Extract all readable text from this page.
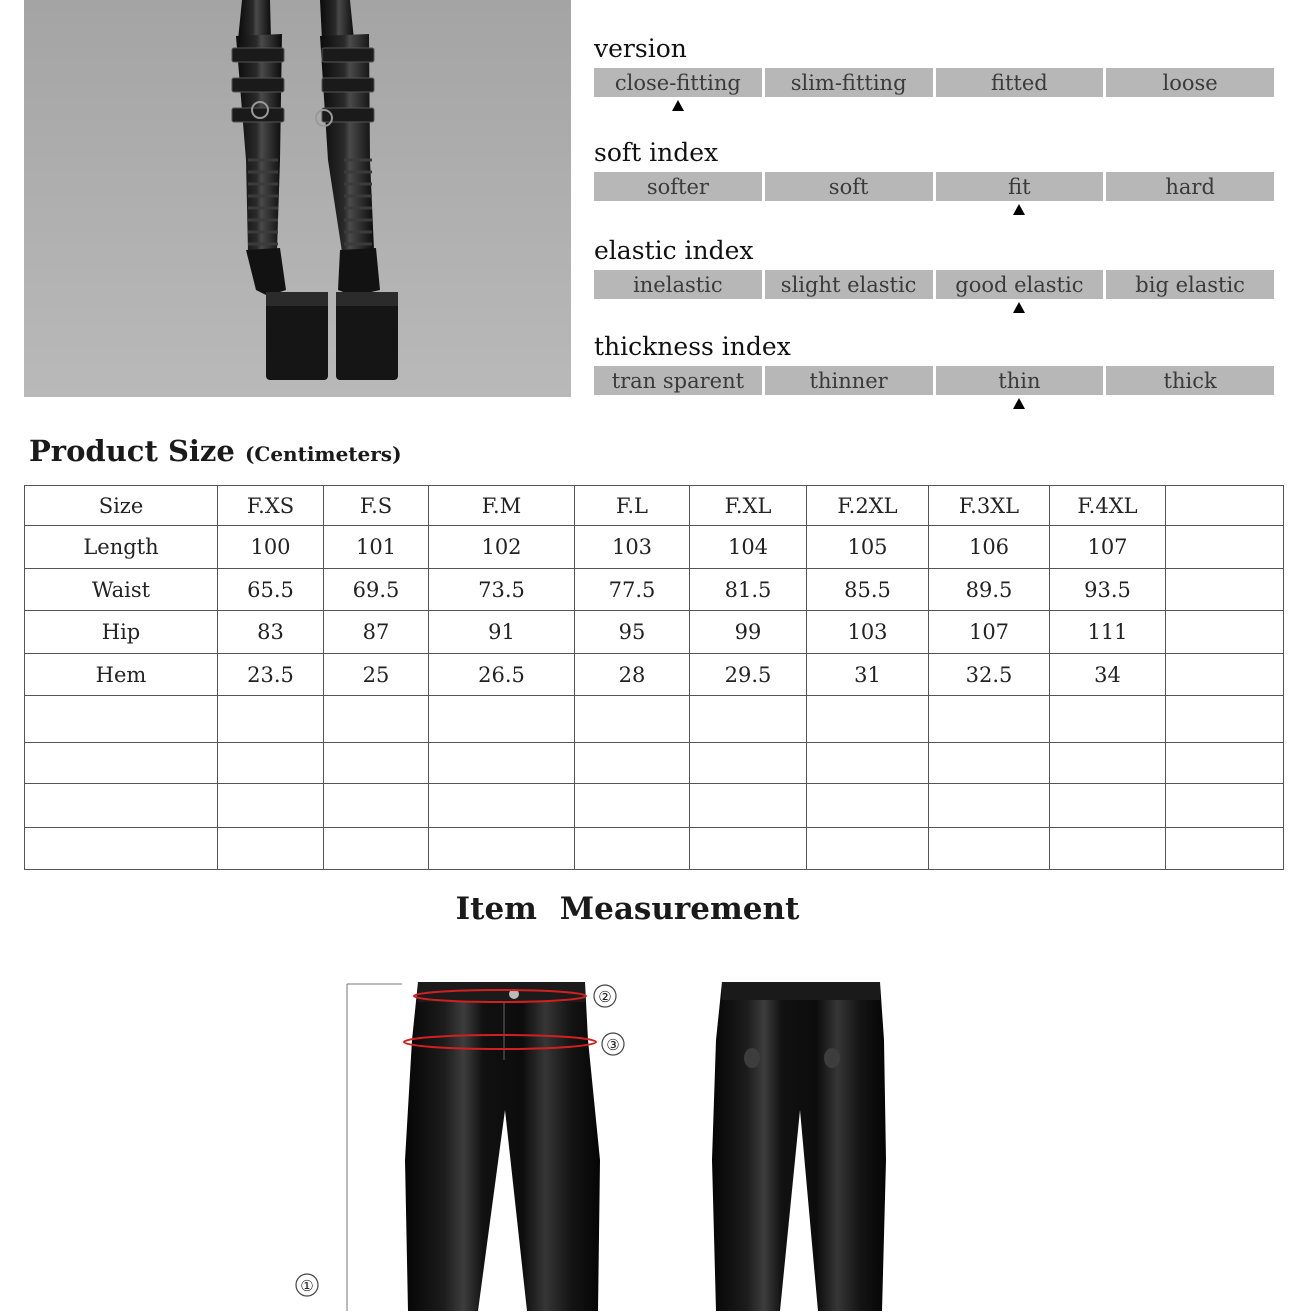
version
close-fitting	slim-fitting	fitted	loose
soft index
softer	soft	fit	hard
elastic index
inelastic	slight elastic	good elastic	big elastic
thickness index
tran sparent	thinner	thin	thick
Product Size (Centimeters)
Size	F.XS	F.S	F.M	F.L	F.XL	F.2XL	F.3XL	F.4XL	
Length	100	101	102	103	104	105	106	107	
Waist	65.5	69.5	73.5	77.5	81.5	85.5	89.5	93.5	
Hip	83	87	91	95	99	103	107	111	
Hem	23.5	25	26.5	28	29.5	31	32.5	34	

Item Measurement
②
③
①
